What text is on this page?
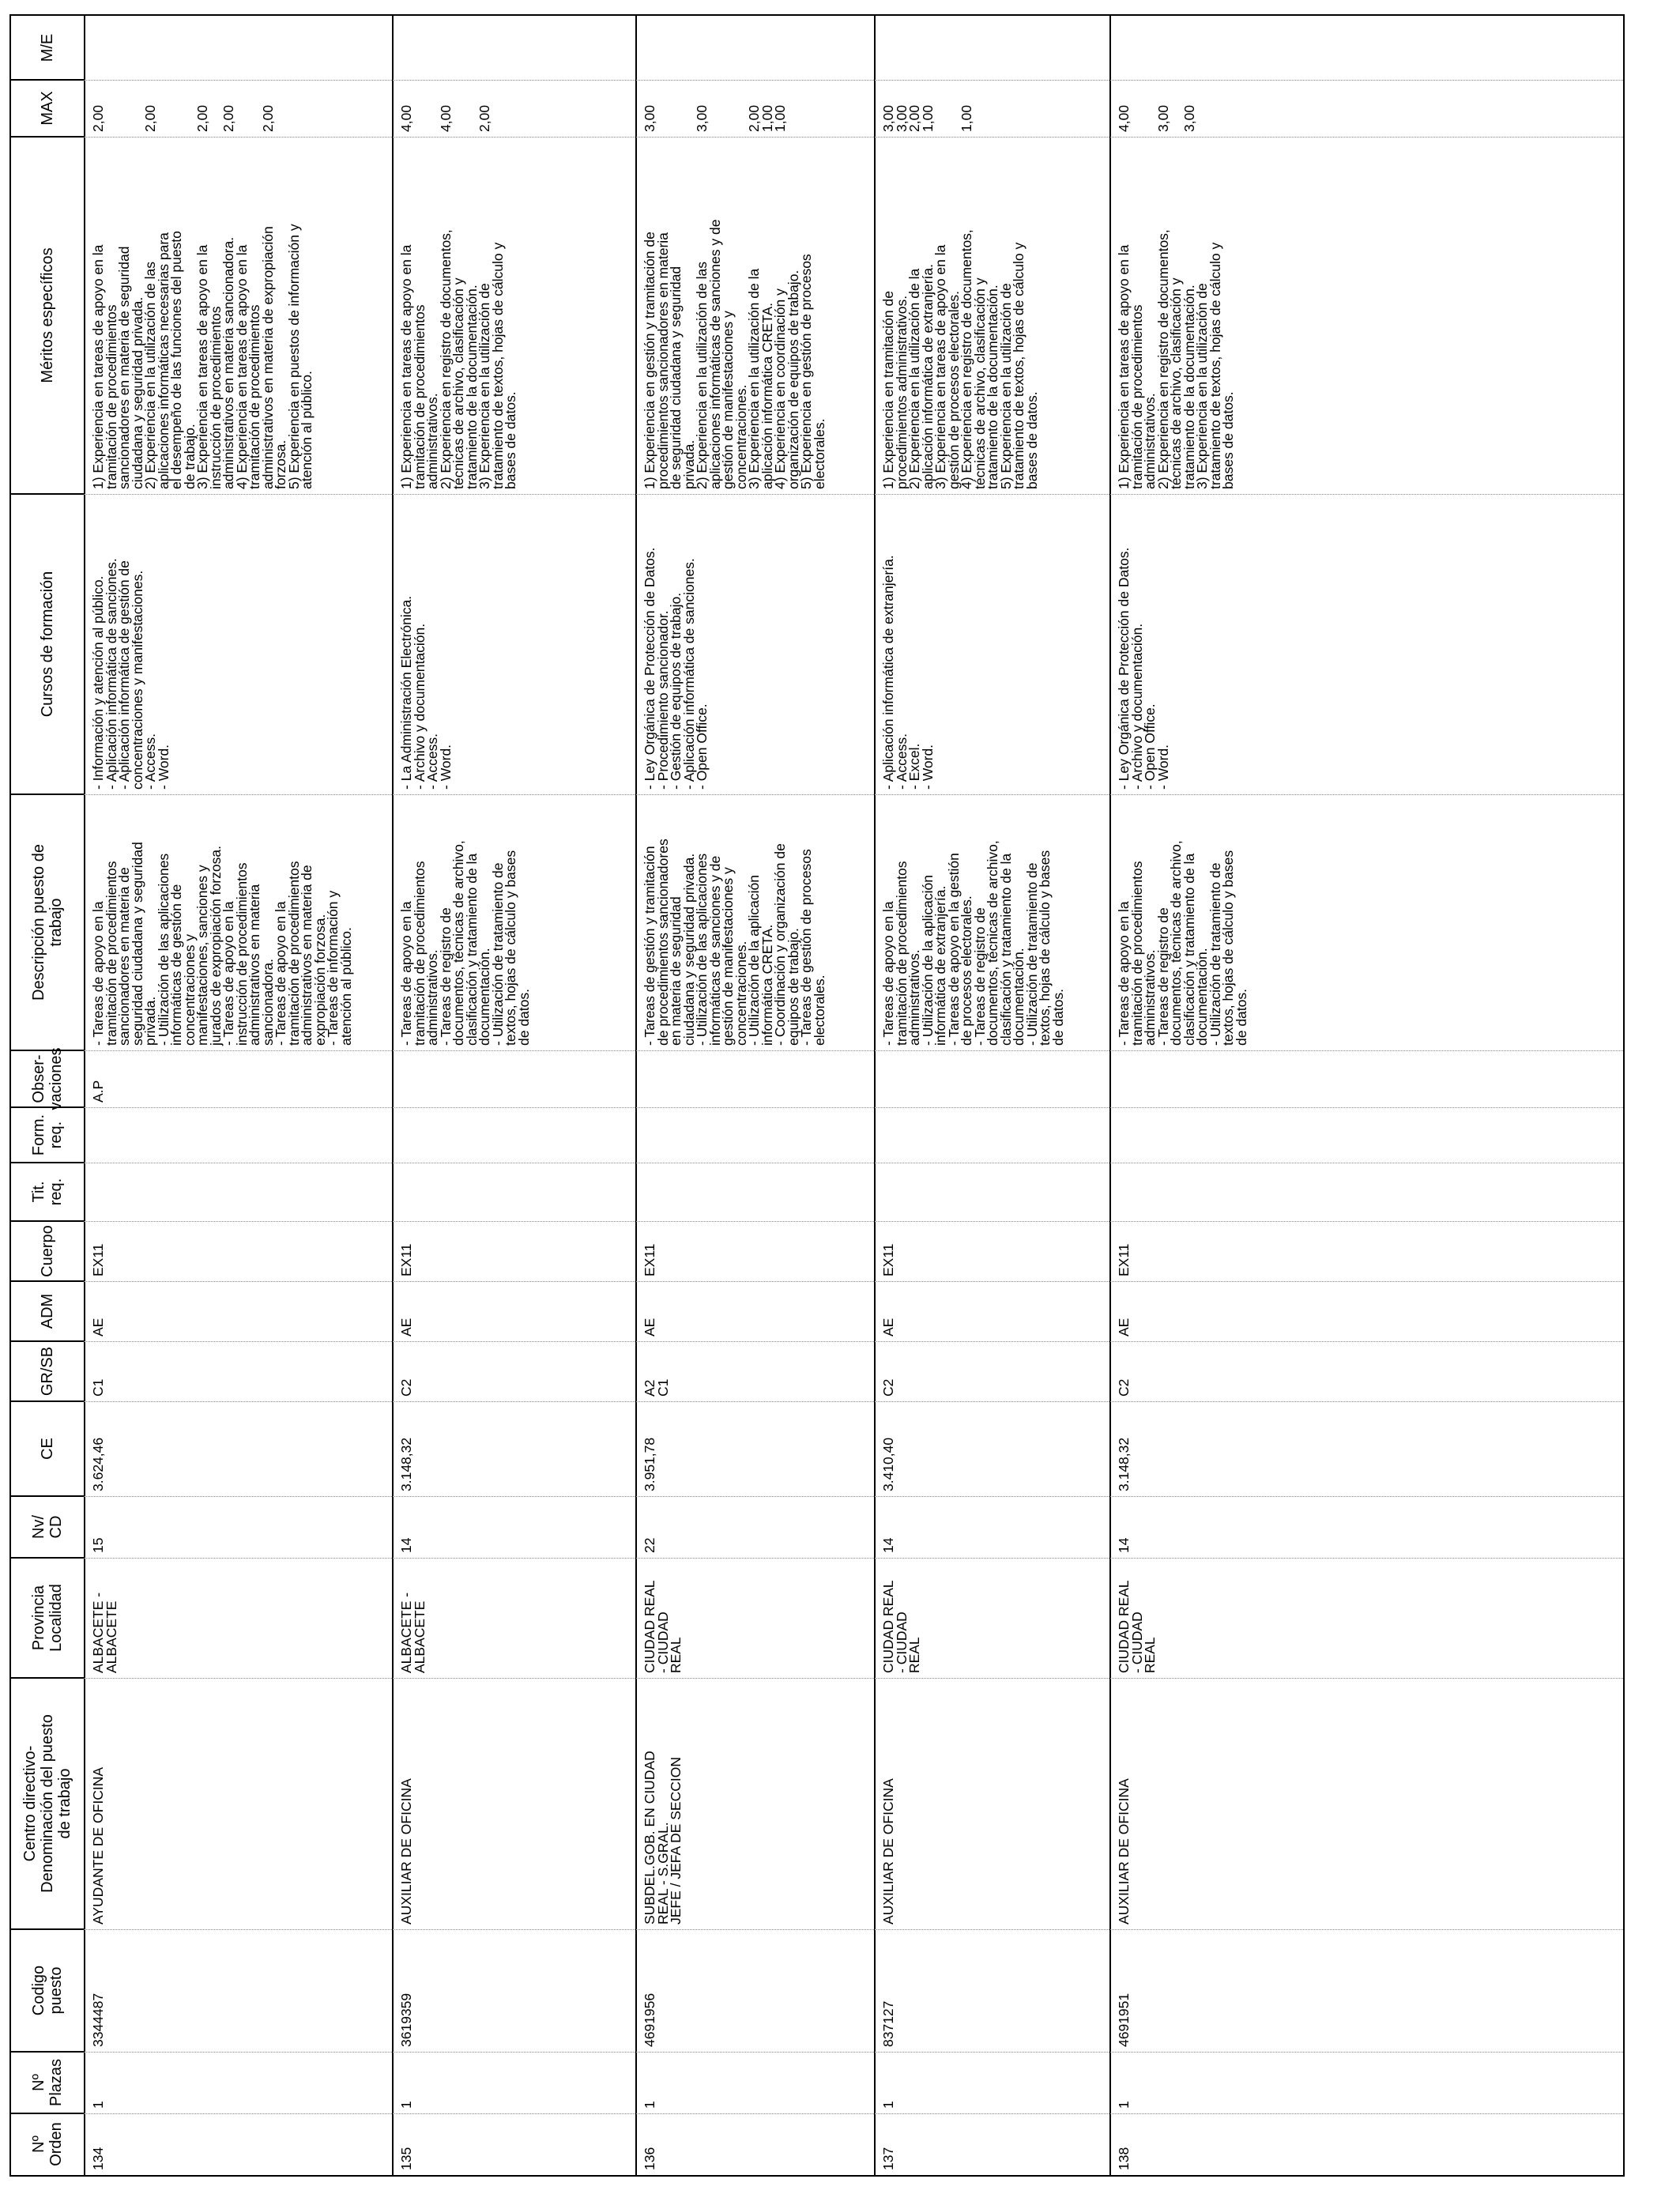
Nº
Orden
Nº
Plazas
Codigo
puesto
Centro directivo-
Denominación del puesto
de trabajo
Provincia
Localidad
Nv/
CD
CE
GR/SB
ADM
Cuerpo
Tit.
req.
Form.
req.
Obser-
vaciones
Descripción puesto de
trabajo
Cursos de formación
Méritos específicos
MAX
M/E
134
1
3344487
AYUDANTE DE OFICINA
ALBACETE -
ALBACETE
15
3.624,46
C1
AE
EX11
A.P
- Tareas de apoyo en la
tramitación de procedimientos
sancionadores en materia de
seguridad ciudadana y seguridad
privada.
- Utilización de las aplicaciones
informáticas de gestión de
concentraciones y
manifestaciones, sanciones y
jurados de expropiación forzosa.
- Tareas de apoyo en la
instrucción de procedimientos
administrativos en materia
sancionadora.
- Tareas de apoyo en la
tramitación de procedimientos
administrativos en materia de
expropiación forzosa.
- Tareas de información y
atención al público.
- Información y atención al público.
- Aplicación informática de sanciones.
- Aplicación informática de gestión de
concentraciones y manifestaciones.
- Access.
- Word.
1) Experiencia en tareas de apoyo en la
tramitación de procedimientos
sancionadores en materia de seguridad
ciudadana y seguridad privada.
2) Experiencia en la utilización de las
aplicaciones informáticas necesarias para
el desempeño de las funciones del puesto
de trabajo.
3) Experiencia en tareas de apoyo en la
instrucción de procedimientos
administrativos en materia sancionadora.
4) Experiencia en tareas de apoyo en la
tramitación de procedimientos
administrativos en materia de expropiación
forzosa.
5) Experiencia en puestos de información y
atención al público.
2,00

2,00

2,00

2,00

2,00
135
1
3619359
AUXILIAR DE OFICINA
ALBACETE -
ALBACETE
14
3.148,32
C2
AE
EX11
- Tareas de apoyo en la
tramitación de procedimientos
administrativos.
- Tareas de registro de
documentos, técnicas de archivo,
clasificación y tratamiento de la
documentación.
- Utilización de tratamiento de
textos, hojas de cálculo y bases
de datos.
- La Administración Electrónica.
- Archivo y documentación.
- Access.
- Word.
1) Experiencia en tareas de apoyo en la
tramitación de procedimientos
administrativos.
2) Experiencia en registro de documentos,
técnicas de archivo, clasificación y
tratamiento de la documentación.
3) Experiencia en la utilización de
tratamiento de textos, hojas de cálculo y
bases de datos.
4,00

4,00

2,00
136
1
4691956
SUBDEL.GOB. EN CIUDAD
REAL - S.GRAL.
JEFE / JEFA DE SECCION
CIUDAD REAL
- CIUDAD
REAL
22
3.951,78
A2
C1
AE
EX11
- Tareas de gestión y tramitación
de procedimientos sancionadores
en materia de seguridad
ciudadana y seguridad privada.
- Utilización de las aplicaciones
informáticas de sanciones y de
gestión de manifestaciones y
concentraciones.
- Utilización de la aplicación
informática CRETA.
- Coordinación y organización de
equipos de trabajo.
- Tareas de gestión de procesos
electorales.
- Ley Orgánica de Protección de Datos.
- Procedimiento sancionador.
- Gestión de equipos de trabajo.
- Aplicación informática de sanciones.
- Open Office.
1) Experiencia en gestión y tramitación de
procedimientos sancionadores en materia
de seguridad ciudadana y seguridad
privada.
2) Experiencia en la utilización de las
aplicaciones informáticas de sanciones y de
gestión de manifestaciones y
concentraciones.
3) Experiencia en la utilización de la
aplicación informática CRETA.
4) Experiencia en coordinación y
organización de equipos de trabajo.
5) Experiencia en gestión de procesos
electorales.
3,00

3,00

2,00
1,00
1,00
137
1
837127
AUXILIAR DE OFICINA
CIUDAD REAL
- CIUDAD
REAL
14
3.410,40
C2
AE
EX11
- Tareas de apoyo en la
tramitación de procedimientos
administrativos.
- Utilización de la aplicación
informática de extranjería.
- Tareas de apoyo en la gestión
de procesos electorales.
- Tareas de registro de
documentos, técnicas de archivo,
clasificación y tratamiento de la
documentación.
- Utilización de tratamiento de
textos, hojas de cálculo y bases
de datos.
- Aplicación informática de extranjería.
- Access.
- Excel.
- Word.
1) Experiencia en tramitación de
procedimientos administrativos.
2) Experiencia en la utilización de la
aplicación informática de extranjería.
3) Experiencia en tareas de apoyo en la
gestión de procesos electorales.
4) Experiencia en registro de documentos,
técnicas de archivo, clasificación y
tratamiento de la documentación.
5) Experiencia en la utilización de
tratamiento de textos, hojas de cálculo y
bases de datos.
3,00
3,00
2,00
1,00

1,00
138
1
4691951
AUXILIAR DE OFICINA
CIUDAD REAL
- CIUDAD
REAL
14
3.148,32
C2
AE
EX11
- Tareas de apoyo en la
tramitación de procedimientos
administrativos.
- Tareas de registro de
documentos, técnicas de archivo,
clasificación y tratamiento de la
documentación.
- Utilización de tratamiento de
textos, hojas de cálculo y bases
de datos.
- Ley Orgánica de Protección de Datos.
- Archivo y documentación.
- Open Office.
- Word.
1) Experiencia en tareas de apoyo en la
tramitación de procedimientos
administrativos.
2) Experiencia en registro de documentos,
técnicas de archivo, clasificación y
tratamiento de la documentación.
3) Experiencia en la utilización de
tratamiento de textos, hojas de cálculo y
bases de datos.
4,00

3,00

3,00
